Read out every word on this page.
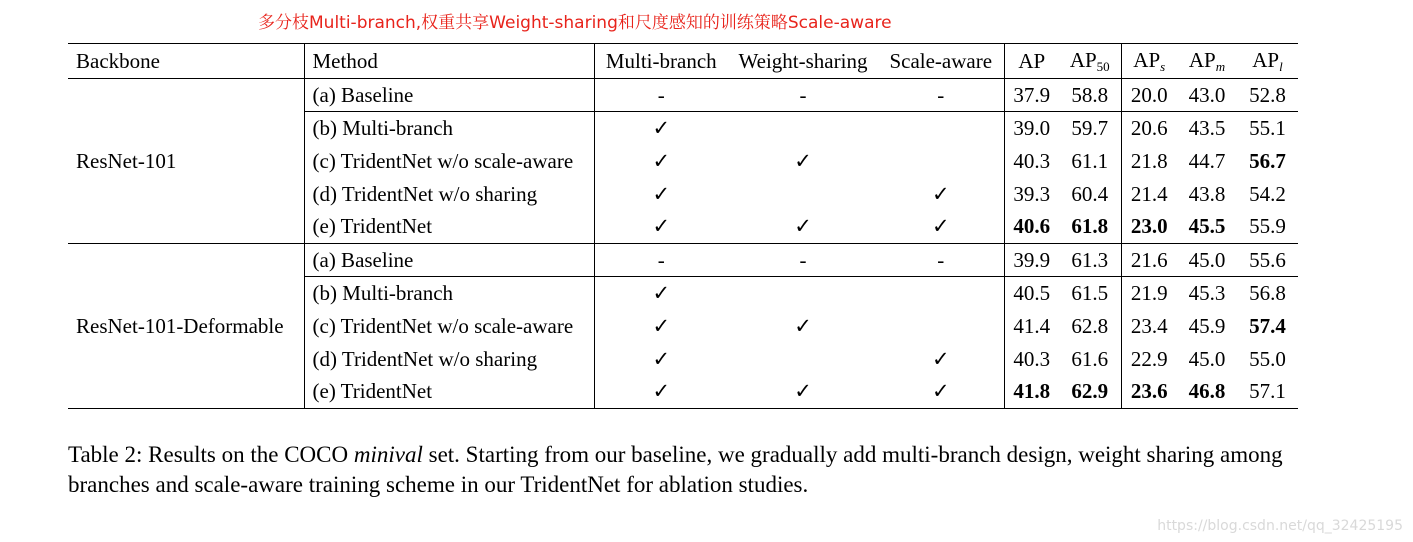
多分枝Multi-branch,权重共享Weight-sharing和尺度感知的训练策略Scale-aware
Backbone	Method	Multi-branch	Weight-sharing	Scale-aware	AP	$AP_{50}$	$AP_s$	$AP_m$	$AP_l$
ResNet-101	(a) Baseline	-	-	-	37.9	58.8	20.0	43.0	52.8
	(b) Multi-branch	✓			39.0	59.7	20.6	43.5	55.1
	(c) TridentNet w/o scale-aware	✓	✓		40.3	61.1	21.8	44.7	56.7
	(d) TridentNet w/o sharing	✓		✓	39.3	60.4	21.4	43.8	54.2
	(e) TridentNet	✓	✓	✓	40.6	61.8	23.0	45.5	55.9
ResNet-101-Deformable	(a) Baseline	-	-	-	39.9	61.3	21.6	45.0	55.6
	(b) Multi-branch	✓			40.5	61.5	21.9	45.3	56.8
	(c) TridentNet w/o scale-aware	✓	✓		41.4	62.8	23.4	45.9	57.4
	(d) TridentNet w/o sharing	✓		✓	40.3	61.6	22.9	45.0	55.0
	(e) TridentNet	✓	✓	✓	41.8	62.9	23.6	46.8	57.1
Table 2: Results on the COCO minival set. Starting from our baseline, we gradually add multi-branch design, weight sharing among branches and scale-aware training scheme in our TridentNet for ablation studies.
https://blog.csdn.net/qq_32425195
